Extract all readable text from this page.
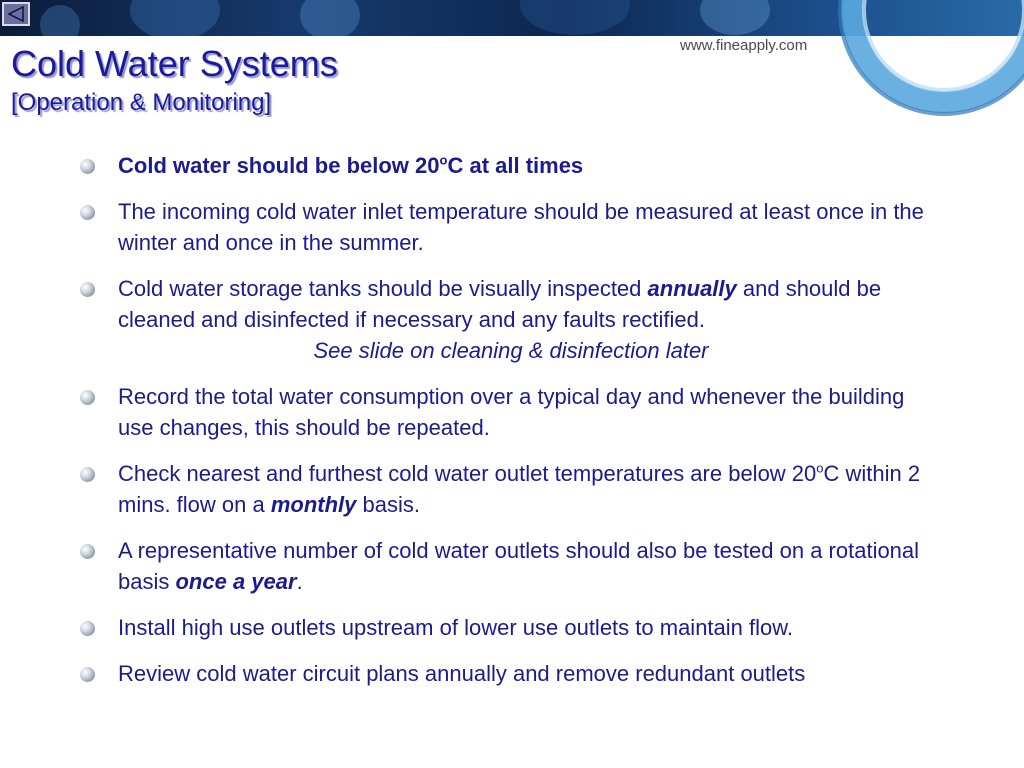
www.fineapply.com
Cold Water Systems
[Operation & Monitoring]
Cold water should be below 20$^o$C at all times
The incoming cold water inlet temperature should be measured at least once in the winter and once in the summer.
Cold water storage tanks should be visually inspected annually and should be cleaned and disinfected if necessary and any faults rectified.
See slide on cleaning & disinfection later
Record the total water consumption over a typical day and whenever the building use changes, this should be repeated.
Check nearest and furthest cold water outlet temperatures are below 20$^o$C within 2 mins. flow on a monthly basis.
A representative number of cold water outlets should also be tested on a rotational basis once a year.
Install high use outlets upstream of lower use outlets to maintain flow.
Review cold water circuit plans annually and remove redundant outlets
